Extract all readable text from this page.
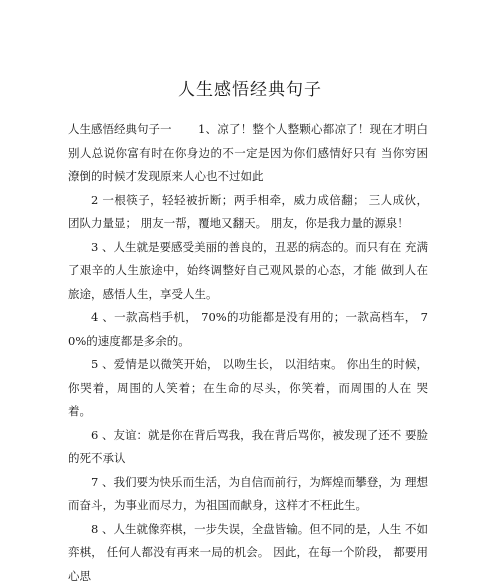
人生感悟经典句子

人生感悟经典句子一 1、凉了！整个人整颗心都凉了！现在才明白别人总说你富有时在你身边的不一定是因为你们感情好只有 当你穷困潦倒的时候才发现原来人心也不过如此

2 一根筷子，轻轻被折断；两手相牵，威力成倍翻； 三人成伙， 团队力量显； 朋友一帮，覆地又翻天。 朋友，你是我力量的源泉！

3 、人生就是要感受美丽的善良的，丑恶的病态的。而只有在 充满了艰辛的人生旅途中，始终调整好自己观风景的心态，才能 做到人在旅途，感悟人生，享受人生。

4 、一款高档手机， 70%的功能都是没有用的；一款高档车， 70%的速度都是多余的。

5 、爱情是以微笑开始， 以吻生长， 以泪结束。 你出生的时候，你哭着，周围的人笑着；在生命的尽头，你笑着，而周围的人在 哭着。

6 、友谊：就是你在背后骂我，我在背后骂你，被发现了还不 要脸的死不承认

7 、我们要为快乐而生活，为自信而前行，为辉煌而攀登，为 理想而奋斗，为事业而尽力，为祖国而献身，这样才不枉此生。

8 、人生就像弈棋，一步失误，全盘皆输。但不同的是，人生 不如弈棋， 任何人都没有再来一局的机会。 因此，在每一个阶段， 都要用心思
